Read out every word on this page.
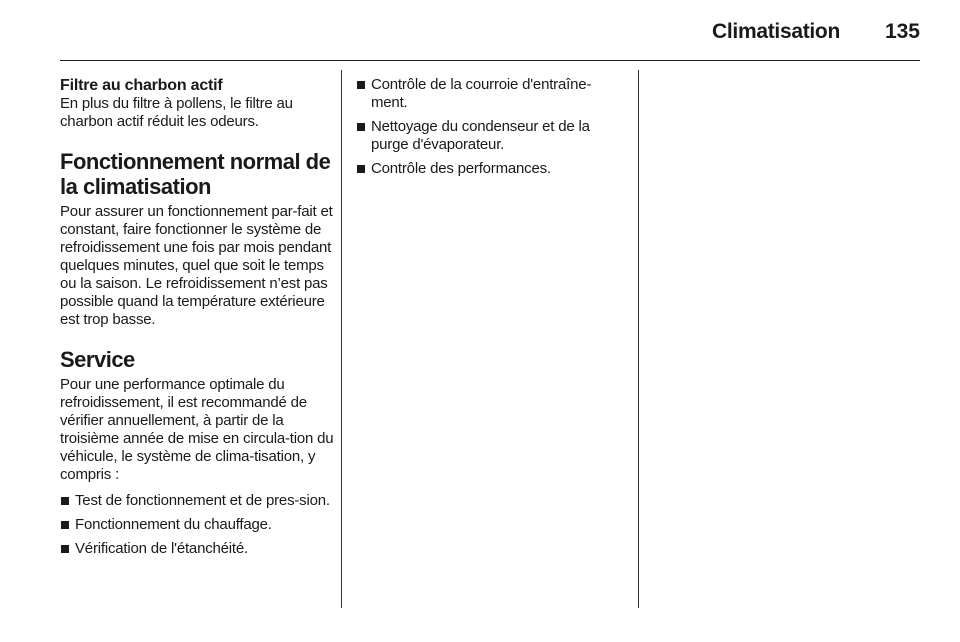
Climatisation 135
Filtre au charbon actif

En plus du filtre à pollens, le filtre au charbon actif réduit les odeurs.

Fonctionnement normal de la climatisation

Pour assurer un fonctionnement par-fait et constant, faire fonctionner le système de refroidissement une fois par mois pendant quelques minutes, quel que soit le temps ou la saison. Le refroidissement n’est pas possible quand la température extérieure est trop basse.

Service

Pour une performance optimale du refroidissement, il est recommandé de vérifier annuellement, à partir de la troisième année de mise en circula-tion du véhicule, le système de clima-tisation, y compris :

Test de fonctionnement et de pres-sion.
Fonctionnement du chauffage.
Vérification de l'étanchéité.
Contrôle de la courroie d'entraîne-ment.
Nettoyage du condenseur et de la purge d'évaporateur.
Contrôle des performances.
